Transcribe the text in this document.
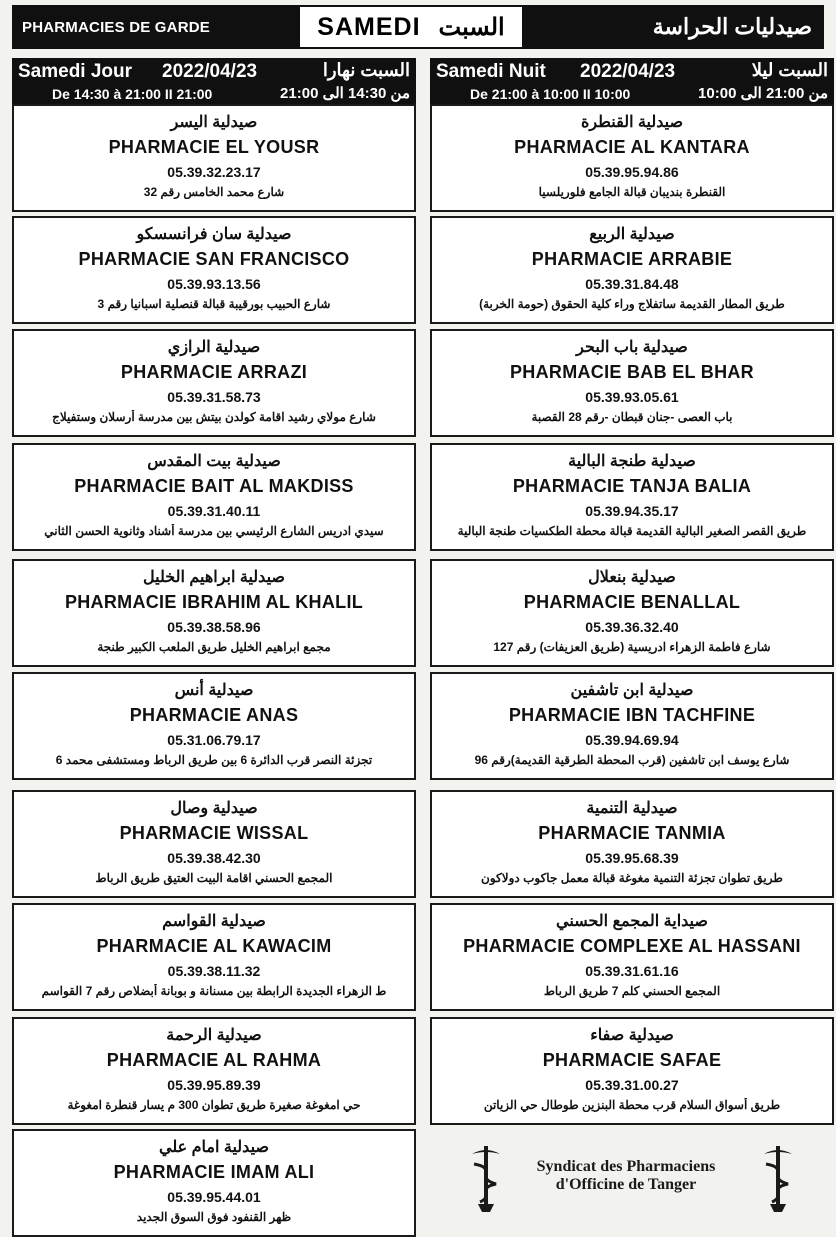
PHARMACIES DE GARDE	SAMEDI السبت	صيدليات الحراسة
Samedi Jour 2022/04/23	السبت نهارا
De 14:30 à 21:00 II 21:00	من 14:30 الى 21:00
Samedi Nuit 2022/04/23	السبت ليلا
De 21:00 à 10:00 II 10:00	من 21:00 الى 10:00
صيدلية اليسر
PHARMACIE EL YOUSR
05.39.32.23.17
شارع محمد الخامس رقم 32
صيدلية سان فرانسسكو
PHARMACIE SAN FRANCISCO
05.39.93.13.56
شارع الحبيب بورقيبة قبالة قنصلية اسبانيا رقم 3
صيدلية الرازي
PHARMACIE ARRAZI
05.39.31.58.73
شارع مولاي رشيد اقامة كولدن بيتش بين مدرسة أرسلان وستفيلاج
صيدلية بيت المقدس
PHARMACIE BAIT AL MAKDISS
05.39.31.40.11
سيدي ادريس الشارع الرئيسي بين مدرسة أشناد وثانوية الحسن الثاني
صيدلية ابراهيم الخليل
PHARMACIE IBRAHIM AL KHALIL
05.39.38.58.96
مجمع ابراهيم الخليل طريق الملعب الكبير طنجة
صيدلية أنس
PHARMACIE ANAS
05.31.06.79.17
تجزئة النصر قرب الدائرة 6 بين طريق الرباط ومستشفى محمد 6
صيدلية وصال
PHARMACIE WISSAL
05.39.38.42.30
المجمع الحسني اقامة البيت العتيق طريق الرباط
صيدلية القواسم
PHARMACIE AL KAWACIM
05.39.38.11.32
ط الزهراء الجديدة الرابطة بين مسنانة و بوبانة أبضلاص رقم 7 القواسم
صيدلية الرحمة
PHARMACIE AL RAHMA
05.39.95.89.39
حي امغوغة صغيرة طريق تطوان 300 م يسار قنطرة امغوغة
صيدلية امام علي
PHARMACIE IMAM ALI
05.39.95.44.01
ظهر القنفود فوق السوق الجديد
صيدلية القنطرة
PHARMACIE AL KANTARA
05.39.95.94.86
القنطرة بنديبان قبالة الجامع فلوريلسيا
صيدلية الربيع
PHARMACIE ARRABIE
05.39.31.84.48
طريق المطار القديمة ساتفلاج وراء كلية الحقوق (حومة الخربة)
صيدلية باب البحر
PHARMACIE BAB EL BHAR
05.39.93.05.61
باب العصى -جنان قبطان -رقم 28 القصبة
صيدلية طنجة البالية
PHARMACIE TANJA BALIA
05.39.94.35.17
طريق القصر الصغير البالية القديمة قبالة محطة الطكسيات طنجة البالية
صيدلية بنعلال
PHARMACIE BENALLAL
05.39.36.32.40
شارع فاطمة الزهراء ادريسية (طريق العزيفات) رقم 127
صيدلية ابن تاشفين
PHARMACIE IBN TACHFINE
05.39.94.69.94
شارع يوسف ابن تاشفين (قرب المحطة الطرقية القديمة)رقم 96
صيدلية التنمية
PHARMACIE TANMIA
05.39.95.68.39
طريق تطوان تجزئة التنمية مغوغة قبالة معمل جاكوب دولاكون
صيداية المجمع الحسني
PHARMACIE COMPLEXE AL HASSANI
05.39.31.61.16
المجمع الحسني كلم 7 طريق الرباط
صيدلية صفاء
PHARMACIE SAFAE
05.39.31.00.27
طريق أسواق السلام قرب محطة البنزين طوطال حي الزياتن
Syndicat des Pharmaciens
d'Officine de Tanger
